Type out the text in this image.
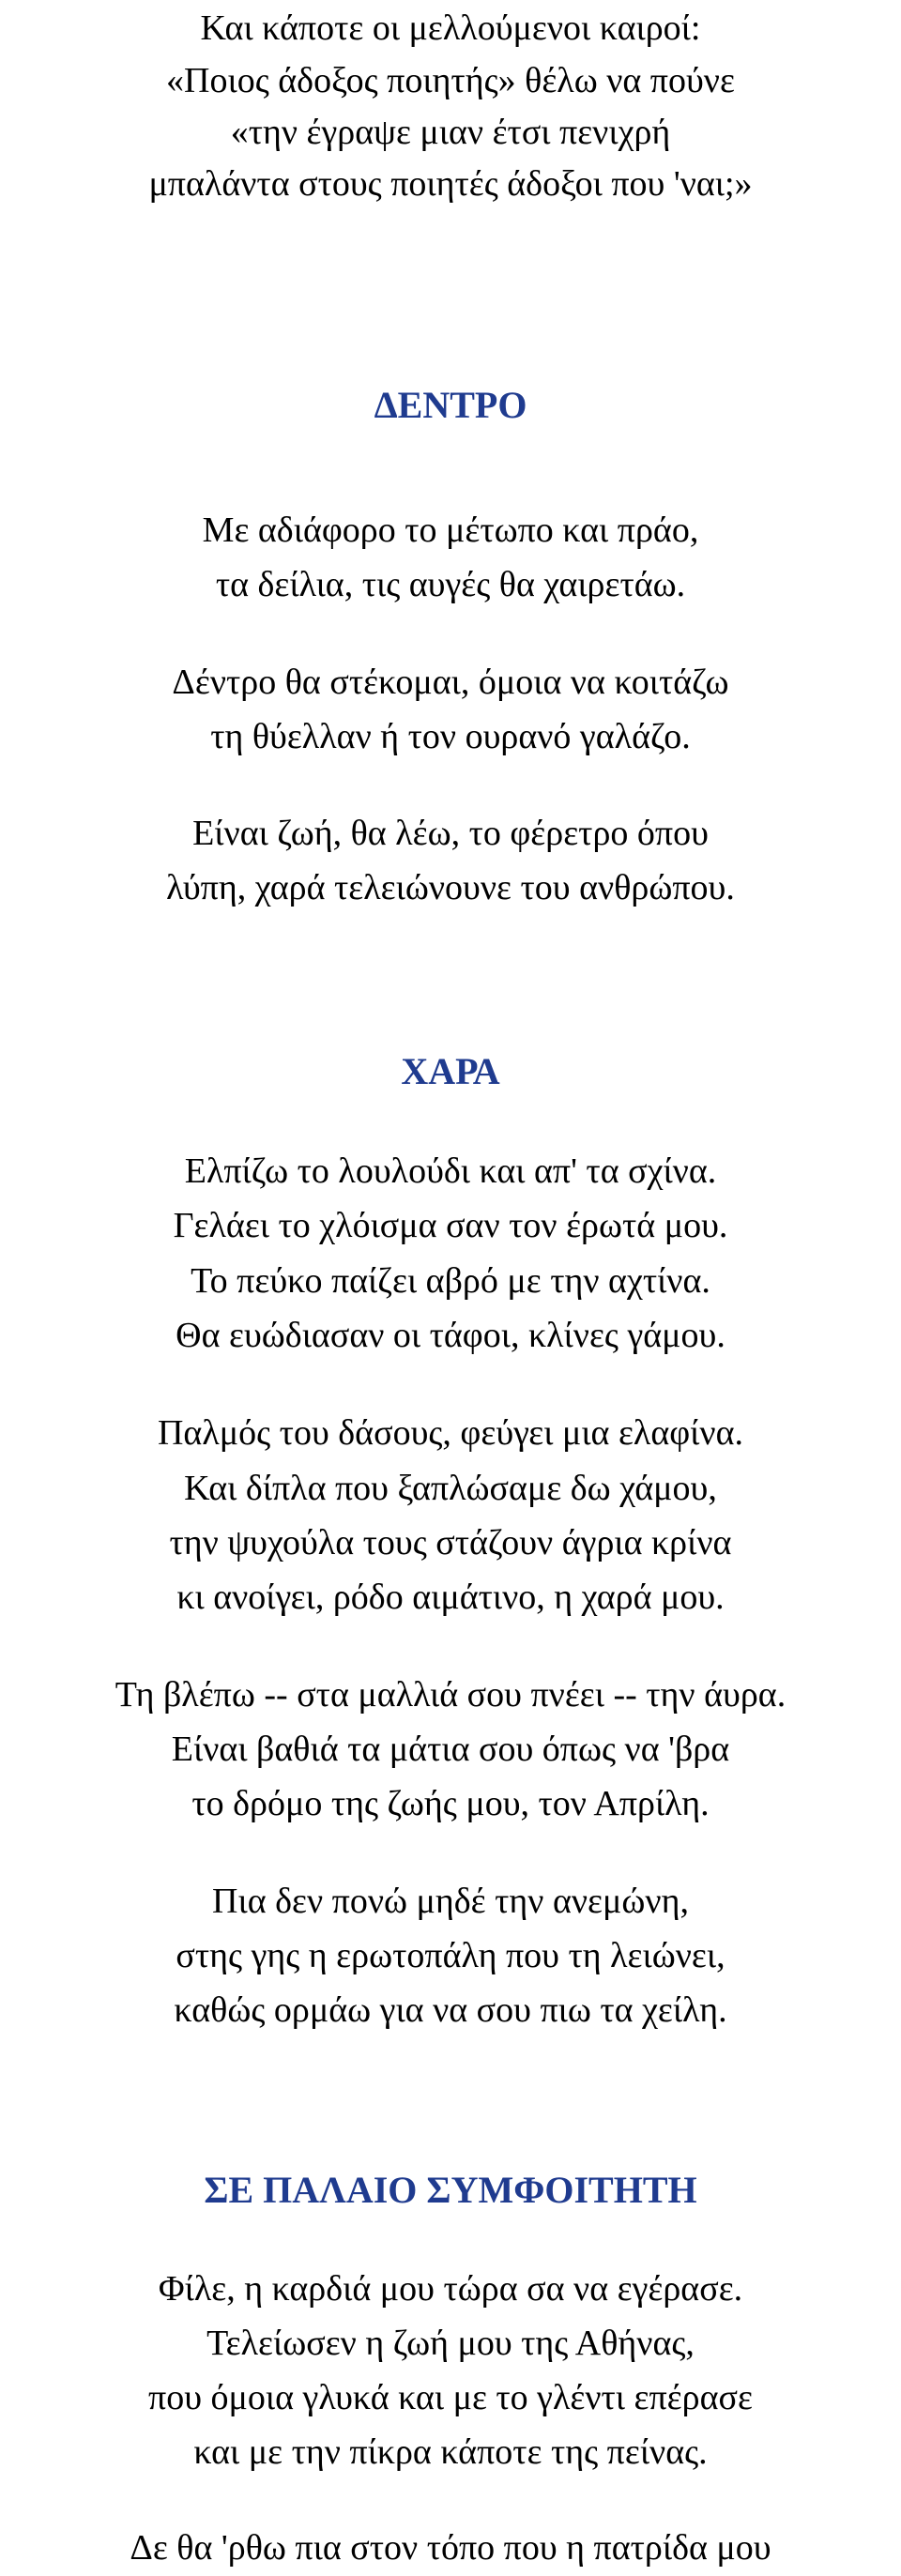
Και κάποτε οι μελλούμενοι καιροί:
«Ποιος άδοξος ποιητής» θέλω να πούνε
«την έγραψε μιαν έτσι πενιχρή
μπαλάντα στους ποιητές άδοξοι που 'ναι;»
ΔΕΝΤΡΟ
Με αδιάφορο το μέτωπο και πράο,
τα δείλια, τις αυγές θα χαιρετάω.
Δέντρο θα στέκομαι, όμοια να κοιτάζω
τη θύελλαν ή τον ουρανό γαλάζο.
Είναι ζωή, θα λέω, το φέρετρο όπου
λύπη, χαρά τελειώνουνε του ανθρώπου.
ΧΑΡΑ
Ελπίζω το λουλούδι και απ' τα σχίνα.
Γελάει το χλόισμα σαν τον έρωτά μου.
Το πεύκο παίζει αβρό με την αχτίνα.
Θα ευώδιασαν οι τάφοι, κλίνες γάμου.
Παλμός του δάσους, φεύγει μια ελαφίνα.
Και δίπλα που ξαπλώσαμε δω χάμου,
την ψυχούλα τους στάζουν άγρια κρίνα
κι ανοίγει, ρόδο αιμάτινο, η χαρά μου.
Τη βλέπω -- στα μαλλιά σου πνέει -- την άυρα.
Είναι βαθιά τα μάτια σου όπως να 'βρα
το δρόμο της ζωής μου, τον Απρίλη.
Πια δεν πονώ μηδέ την ανεμώνη,
στης γης η ερωτοπάλη που τη λειώνει,
καθώς ορμάω για να σου πιω τα χείλη.
ΣΕ ΠΑΛΑΙΟ ΣΥΜΦΟΙΤΗΤΗ
Φίλε, η καρδιά μου τώρα σα να εγέρασε.
Τελείωσεν η ζωή μου της Αθήνας,
που όμοια γλυκά και με το γλέντι επέρασε
και με την πίκρα κάποτε της πείνας.
Δε θα 'ρθω πια στον τόπο που η πατρίδα μου
